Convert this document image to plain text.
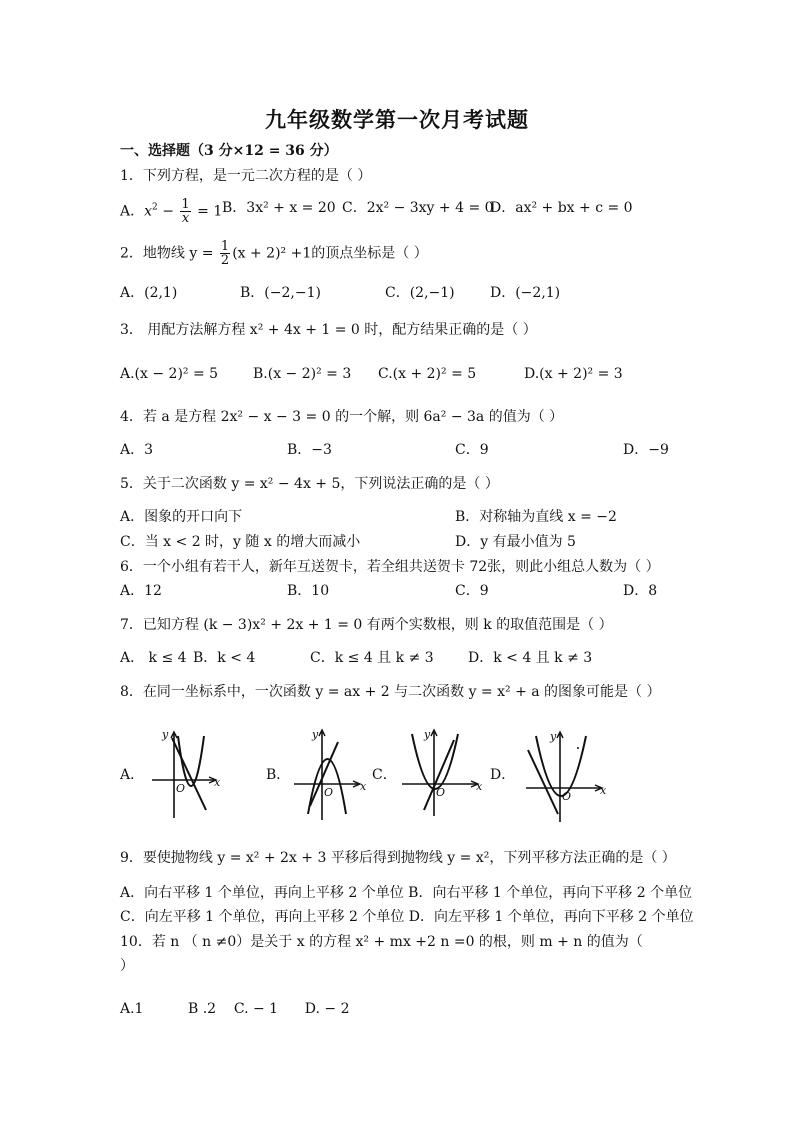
九年级数学第一次月考试题
一、选择题（3 分×12 = 36 分）
1．下列方程，是一元二次方程的是（ ）
A．$x^2 - \frac{1}{x} = 1$ B．3x² + x = 20 C．2x² − 3xy + 4 = 0
D．ax² + bx + c = 0
2．地物线 $y = \frac{1}{2} (x + 2)^2 +1$的顶点坐标是（ ）
A．(2,1)	B．(−2,−1)	C．(2,−1)	D．(−2,1)
3． 用配方法解方程 x² + 4x + 1 = 0 时，配方结果正确的是（ ）
A.(x − 2)² = 5 B.(x − 2)² = 3 C.(x + 2)² = 5	D.(x + 2)² = 3
4．若 a 是方程 2x² − x − 3 = 0 的一个解，则 6a² − 3a 的值为（ ）
A．3	B．−3	C．9	D．−9
5．关于二次函数 y = x² − 4x + 5，下列说法正确的是（ ）
A．图象的开口向下	B．对称轴为直线 x = −2
C．当 x < 2 时，y 随 x 的增大而减小	D．y 有最小值为 5
6．一个小组有若干人，新年互送贺卡，若全组共送贺卡 72张，则此小组总人数为（ ）
A．12	B．10	C．9	D．8
7．已知方程 (k − 3)x² + 2x + 1 = 0 有两个实数根，则 k 的取值范围是（ ）
A． k ≤ 4 B．k < 4	C．k ≤ 4 且 k ≠ 3 D．k < 4 且 k ≠ 3
8．在同一坐标系中，一次函数 y = ax + 2 与二次函数 y = x² + a 的图象可能是（ ）
A．	B．	C．	D．
y
x
O
y
x
O
y
x
O
y
x
O
9．要使抛物线 y = x² + 2x + 3 平移后得到抛物线 y = x²，下列平移方法正确的是（ ）
A．向右平移 1 个单位，再向上平移 2 个单位 B．向右平移 1 个单位，再向下平移 2 个单位
C．向左平移 1 个单位，再向上平移 2 个单位 D．向左平移 1 个单位，再向下平移 2 个单位
10．若 n （ n ≠0）是关于 x 的方程 x² + mx +2 n =0 的根，则 m + n 的值为（
）
A.1          B .2    C. − 1      D. − 2
